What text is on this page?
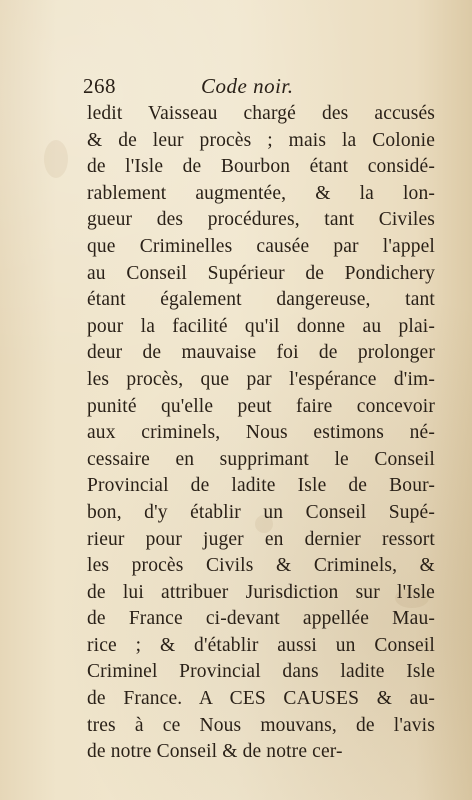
268	Code noir.
ledit Vaisseau chargé des accusés
& de leur procès ; mais la Colonie
de l'Isle de Bourbon étant considé-
rablement augmentée, & la lon-
gueur des procédures, tant Civiles
que Criminelles causée par l'appel
au Conseil Supérieur de Pondichery
étant également dangereuse, tant
pour la facilité qu'il donne au plai-
deur de mauvaise foi de prolonger
les procès, que par l'espérance d'im-
punité qu'elle peut faire concevoir
aux criminels, Nous estimons né-
cessaire en supprimant le Conseil
Provincial de ladite Isle de Bour-
bon, d'y établir un Conseil Supé-
rieur pour juger en dernier ressort
les procès Civils & Criminels, &
de lui attribuer Jurisdiction sur l'Isle
de France ci-devant appellée Mau-
rice ; & d'établir aussi un Conseil
Criminel Provincial dans ladite Isle
de France. A CES CAUSES & au-
tres à ce Nous mouvans, de l'avis
de notre Conseil & de notre cer-
